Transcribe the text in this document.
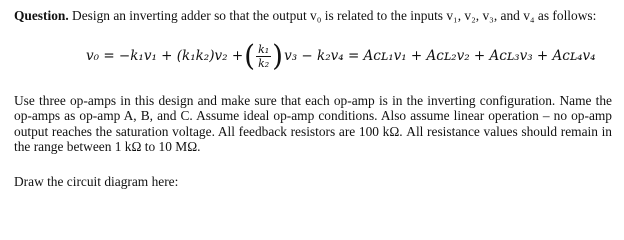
Question. Design an inverting adder so that the output v₀ is related to the inputs v₁, v₂, v₃, and v₄ as follows:
v₀ = −k₁v₁ + (k₁k₂)v₂ + ( $\frac{\text{k₁}}{\text{k₂}}$ ) v₃ − k₂v₄ = Aᴄʟ₁v₁ + Aᴄʟ₂v₂ + Aᴄʟ₃v₃ + Aᴄʟ₄v₄
Use three op-amps in this design and make sure that each op-amp is in the inverting configuration. Name the op-amps as op-amp A, B, and C. Assume ideal op-amp conditions. Also assume linear operation – no op-amp output reaches the saturation voltage. All feedback resistors are 100 kΩ. All resistance values should remain in the range between 1 kΩ to 10 MΩ.
Draw the circuit diagram here:
